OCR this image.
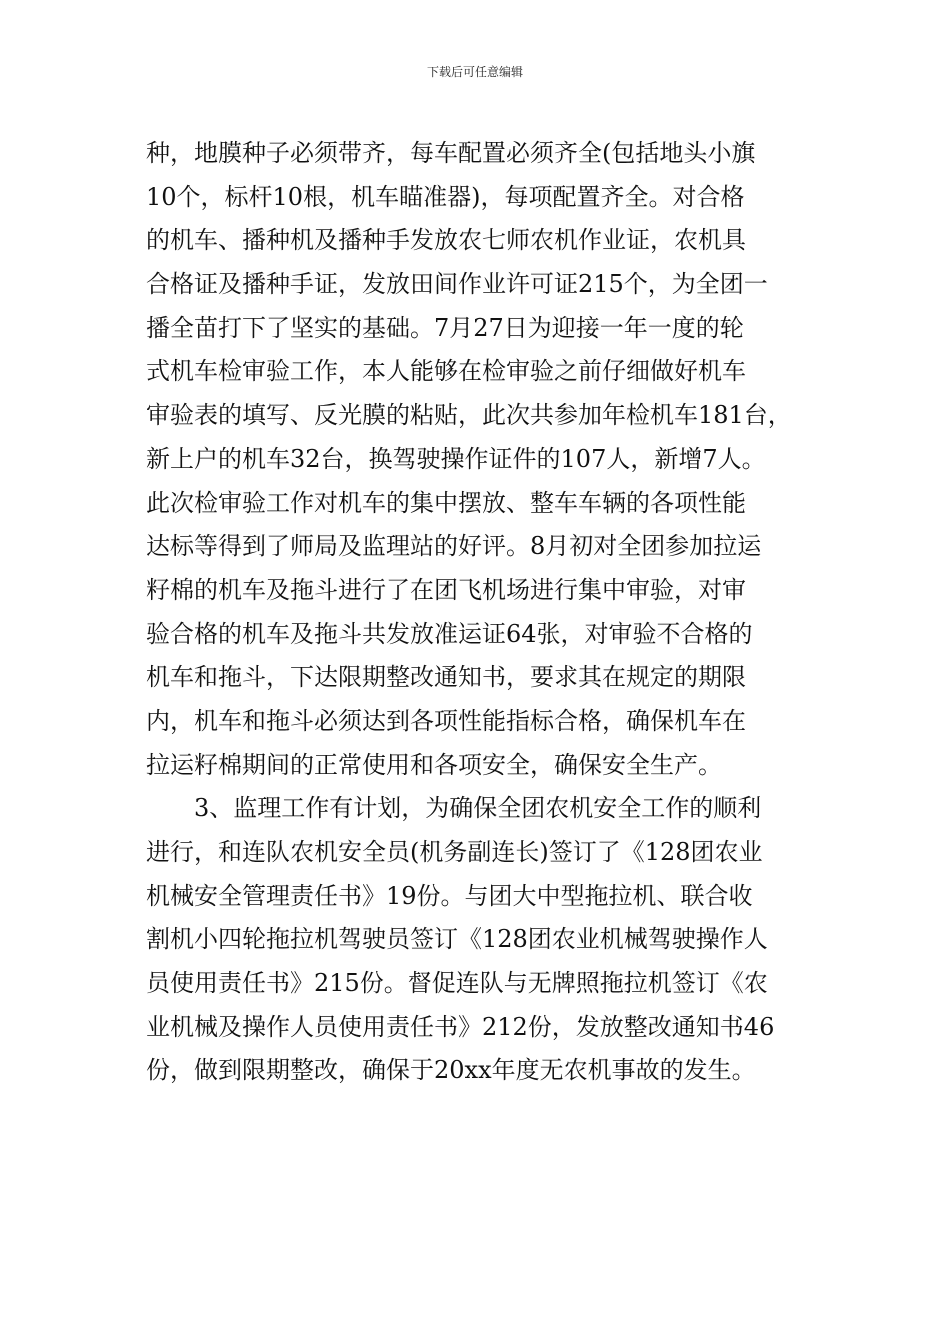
下载后可任意编辑
种，地膜种子必须带齐，每车配置必须齐全(包括地头小旗
10个，标杆10根，机车瞄准器)，每项配置齐全。对合格
的机车、播种机及播种手发放农七师农机作业证，农机具
合格证及播种手证，发放田间作业许可证215个，为全团一
播全苗打下了坚实的基础。7月27日为迎接一年一度的轮
式机车检审验工作，本人能够在检审验之前仔细做好机车
审验表的填写、反光膜的粘贴，此次共参加年检机车181台，
新上户的机车32台，换驾驶操作证件的107人，新增7人。
此次检审验工作对机车的集中摆放、整车车辆的各项性能
达标等得到了师局及监理站的好评。8月初对全团参加拉运
籽棉的机车及拖斗进行了在团飞机场进行集中审验，对审
验合格的机车及拖斗共发放准运证64张，对审验不合格的
机车和拖斗，下达限期整改通知书，要求其在规定的期限
内，机车和拖斗必须达到各项性能指标合格，确保机车在
拉运籽棉期间的正常使用和各项安全，确保安全生产。
3、监理工作有计划，为确保全团农机安全工作的顺利
进行，和连队农机安全员(机务副连长)签订了《128团农业
机械安全管理责任书》19份。与团大中型拖拉机、联合收
割机小四轮拖拉机驾驶员签订《128团农业机械驾驶操作人
员使用责任书》215份。督促连队与无牌照拖拉机签订《农
业机械及操作人员使用责任书》212份，发放整改通知书46
份，做到限期整改，确保于20xx年度无农机事故的发生。
